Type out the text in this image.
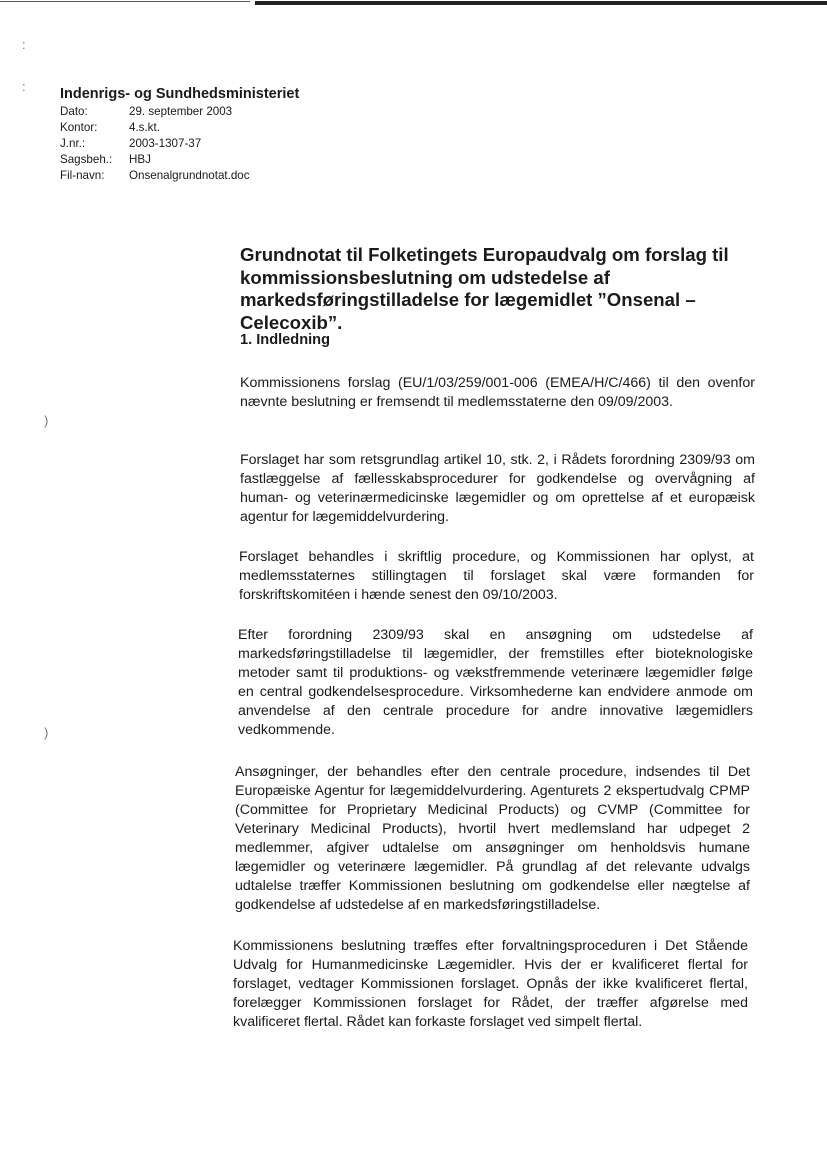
:
:
)
)

Indenrigs- og Sundhedsministeriet

Dato:	29. september 2003
Kontor:	4.s.kt.
J.nr.:	2003-1307-37
Sagsbeh.:	HBJ
Fil-navn:	Onsenalgrundnotat.doc
Grundnotat til Folketingets Europaudvalg om forslag til kommissionsbeslutning om udstedelse af markedsføringstilladelse for lægemidlet ”Onsenal – Celecoxib”.
1. Indledning

Kommissionens forslag (EU/1/03/259/001-006 (EMEA/H/C/466) til den ovenfor nævnte beslutning er fremsendt til medlemsstaterne den 09/09/2003.

Forslaget har som retsgrundlag artikel 10, stk. 2, i Rådets forordning 2309/93 om fastlæggelse af fællesskabsprocedurer for godkendelse og overvågning af human- og veterinærmedicinske lægemidler og om oprettelse af et europæisk agentur for lægemiddelvurdering.

Forslaget behandles i skriftlig procedure, og Kommissionen har oplyst, at medlemsstaternes stillingtagen til forslaget skal være formanden for forskriftskomitéen i hænde senest den 09/10/2003.

Efter forordning 2309/93 skal en ansøgning om udstedelse af markedsføringstilladelse til lægemidler, der fremstilles efter bioteknologiske metoder samt til produktions- og vækstfremmende veterinære lægemidler følge en central godkendelsesprocedure. Virksomhederne kan endvidere anmode om anvendelse af den centrale procedure for andre innovative lægemidlers vedkommende.

Ansøgninger, der behandles efter den centrale procedure, indsendes til Det Europæiske Agentur for lægemiddelvurdering. Agenturets 2 ekspertudvalg CPMP (Committee for Proprietary Medicinal Products) og CVMP (Committee for Veterinary Medicinal Products), hvortil hvert medlemsland har udpeget 2 medlemmer, afgiver udtalelse om ansøgninger om henholdsvis humane lægemidler og veterinære lægemidler. På grundlag af det relevante udvalgs udtalelse træffer Kommissionen beslutning om godkendelse eller nægtelse af godkendelse af udstedelse af en markedsføringstilladelse.

Kommissionens beslutning træffes efter forvaltningsproceduren i Det Stående Udvalg for Humanmedicinske Lægemidler. Hvis der er kvalificeret flertal for forslaget, vedtager Kommissionen forslaget. Opnås der ikke kvalificeret flertal, forelægger Kommissionen forslaget for Rådet, der træffer afgørelse med kvalificeret flertal. Rådet kan forkaste forslaget ved simpelt flertal.
